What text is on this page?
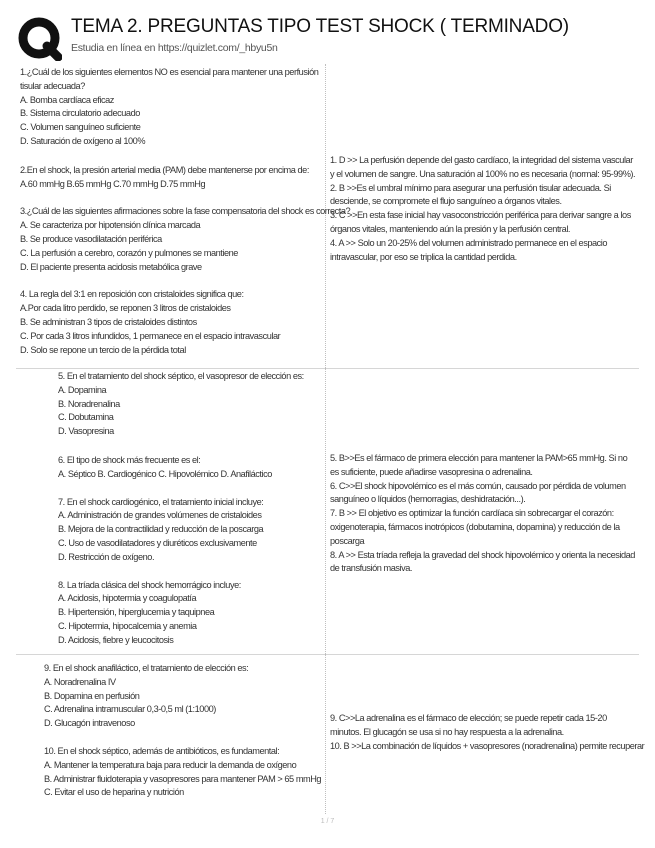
TEMA 2. PREGUNTAS TIPO TEST SHOCK ( TERMINADO)
Estudia en línea en https://quizlet.com/_hbyu5n
1.¿Cuál de los siguientes elementos NO es esencial para mantener una perfusión tisular adecuada?
A. Bomba cardíaca eficaz
B. Sistema circulatorio adecuado
C. Volumen sanguíneo suficiente
D. Saturación de oxígeno al 100%
2.En el shock, la presión arterial media (PAM) debe mantenerse por encima de:
A.60 mmHg B.65 mmHg C.70 mmHg D.75 mmHg
3.¿Cuál de las siguientes afirmaciones sobre la fase compensatoria del shock es correcta?
A. Se caracteriza por hipotensión clínica marcada
B. Se produce vasodilatación periférica
C. La perfusión a cerebro, corazón y pulmones se mantiene
D. El paciente presenta acidosis metabólica grave
4. La regla del 3:1 en reposición con cristaloides significa que:
A.Por cada litro perdido, se reponen 3 litros de cristaloides
B. Se administran 3 tipos de cristaloides distintos
C. Por cada 3 litros infundidos, 1 permanece en el espacio intravascular
D. Solo se repone un tercio de la pérdida total
1. D >> La perfusión depende del gasto cardíaco, la integridad del sistema vascular y el volumen de sangre. Una saturación al 100% no es necesaria (normal: 95-99%).
2. B >>Es el umbral mínimo para asegurar una perfusión tisular adecuada. Si desciende, se compromete el flujo sanguíneo a órganos vitales.
3. C >>En esta fase inicial hay vasoconstricción periférica para derivar sangre a los órganos vitales, manteniendo aún la presión y la perfusión central.
4. A >> Solo un 20-25% del volumen administrado permanece en el espacio intravascular, por eso se triplica la cantidad perdida.
5. En el tratamiento del shock séptico, el vasopresor de elección es:
A. Dopamina
B. Noradrenalina
C. Dobutamina
D. Vasopresina
6. El tipo de shock más frecuente es el:
A. Séptico B. Cardiogénico C. Hipovolémico D. Anafiláctico
7. En el shock cardiogénico, el tratamiento inicial incluye:
A. Administración de grandes volúmenes de cristaloides
B. Mejora de la contractilidad y reducción de la poscarga
C. Uso de vasodilatadores y diuréticos exclusivamente
D. Restricción de oxígeno.
8. La tríada clásica del shock hemorrágico incluye:
A. Acidosis, hipotermia y coagulopatía
B. Hipertensión, hiperglucemia y taquipnea
C. Hipotermia, hipocalcemia y anemia
D. Acidosis, fiebre y leucocitosis
5. B>>Es el fármaco de primera elección para mantener la PAM>65 mmHg. Si no es suficiente, puede añadirse vasopresina o adrenalina.
6. C>>El shock hipovolémico es el más común, causado por pérdida de volumen sanguíneo o líquidos (hemorragias, deshidratación...).
7. B >> El objetivo es optimizar la función cardíaca sin sobrecargar el corazón: oxigenoterapia, fármacos inotrópicos (dobutamina, dopamina) y reducción de la poscarga
8. A >> Esta tríada refleja la gravedad del shock hipovolémico y orienta la necesidad de transfusión masiva.
9. En el shock anafiláctico, el tratamiento de elección es:
A. Noradrenalina IV
B. Dopamina en perfusión
C. Adrenalina intramuscular 0,3-0,5 ml (1:1000)
D. Glucagón intravenoso
10. En el shock séptico, además de antibióticos, es fundamental:
A. Mantener la temperatura baja para reducir la demanda de oxígeno
B. Administrar fluidoterapia y vasopresores para mantener PAM > 65 mmHg
C. Evitar el uso de heparina y nutrición
9. C>>La adrenalina es el fármaco de elección; se puede repetir cada 15-20 minutos. El glucagón se usa si no hay respuesta a la adrenalina.
10. B >>La combinación de líquidos + vasopresores (noradrenalina) permite recuperar
1 / 7
